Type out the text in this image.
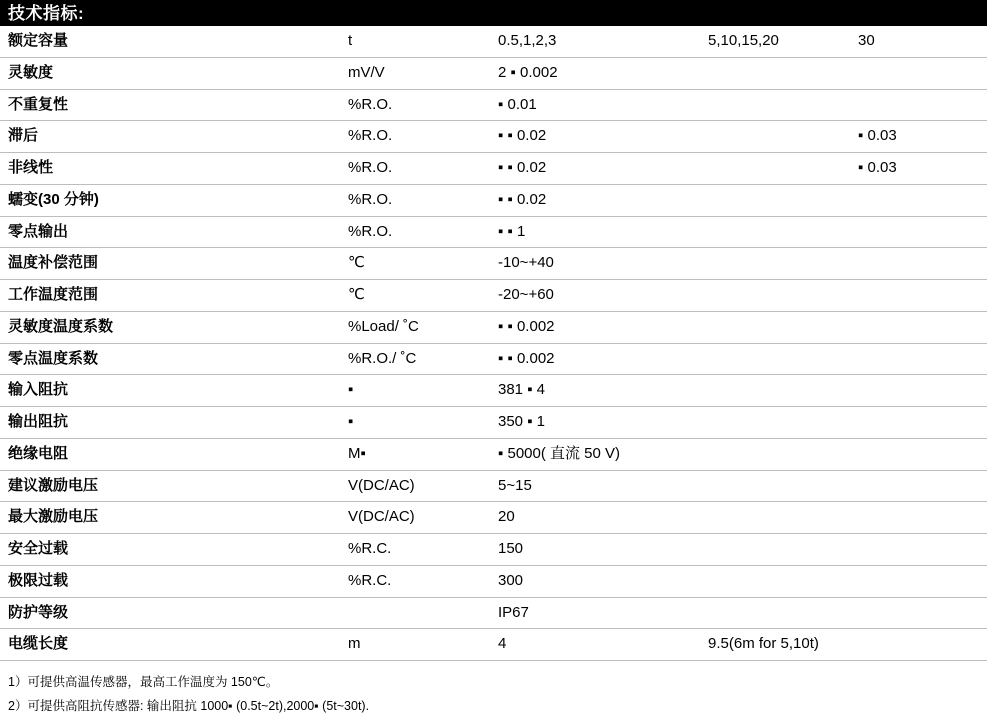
技术指标:
额定容量	t	0.5,1,2,3	5,10,15,20	30
灵敏度	mV/V	2 ▪ 0.002		
不重复性	%R.O.	▪ 0.01		
滞后	%R.O.	▪ ▪ 0.02		▪ 0.03
非线性	%R.O.	▪ ▪ 0.02		▪ 0.03
蠕变(30 分钟)	%R.O.	▪ ▪ 0.02		
零点输出	%R.O.	▪ ▪ 1		
温度补偿范围	℃	-10~+40		
工作温度范围	℃	-20~+60		
灵敏度温度系数	%Load/ ˚C	▪ ▪ 0.002		
零点温度系数	%R.O./ ˚C	▪ ▪ 0.002		
输入阻抗	▪	381 ▪ 4		
输出阻抗	▪	350 ▪ 1		
绝缘电阻	M▪	▪ 5000( 直流 50 V)		
建议激励电压	V(DC/AC)	5~15		
最大激励电压	V(DC/AC)	20		
安全过载	%R.C.	150		
极限过载	%R.C.	300		
防护等级		IP67		
电缆长度	m	4	9.5(6m for 5,10t)	
1）可提供高温传感器，最高工作温度为 150℃。
2）可提供高阻抗传感器: 输出阻抗 1000▪ (0.5t~2t),2000▪ (5t~30t).
